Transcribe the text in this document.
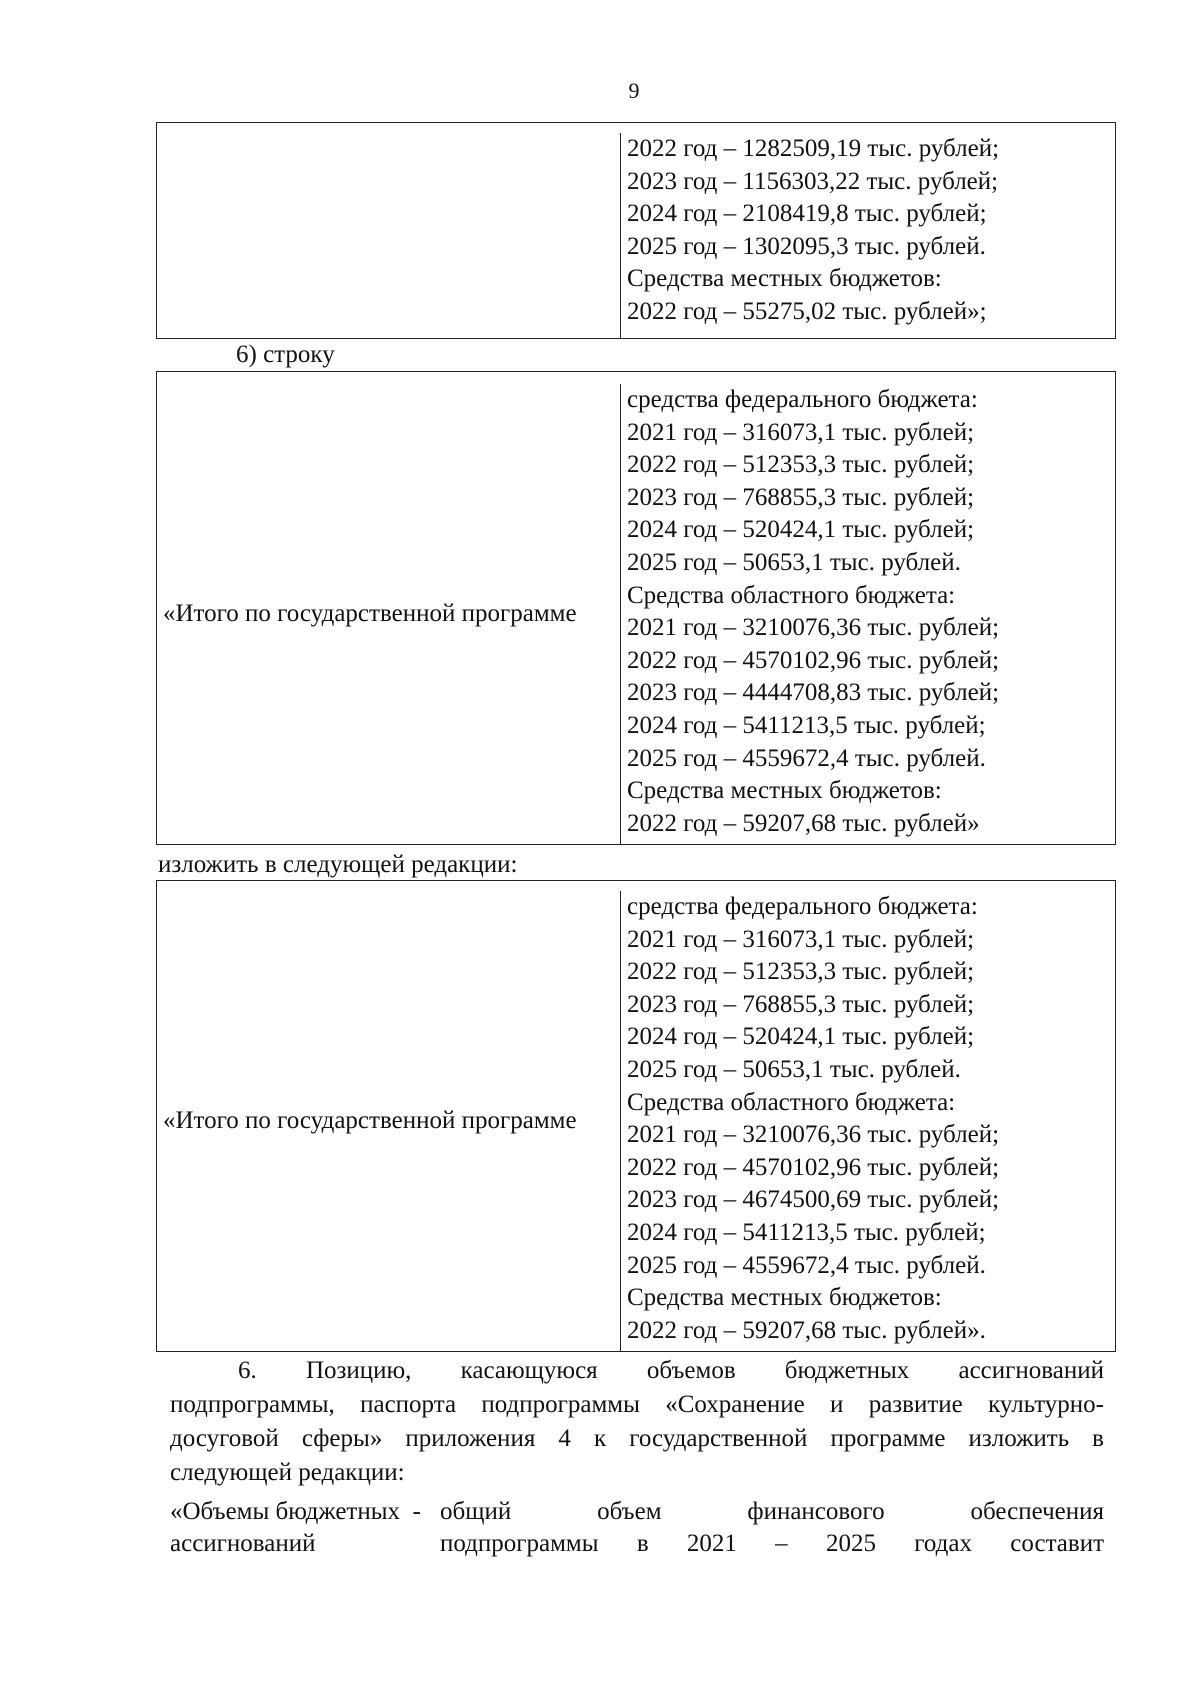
9
2022 год – 1282509,19 тыс. рублей;
2023 год – 1156303,22 тыс. рублей;
2024 год – 2108419,8 тыс. рублей;
2025 год – 1302095,3 тыс. рублей.
Средства местных бюджетов:
2022 год – 55275,02 тыс. рублей»;
6) строку
«Итого по государственной программе
средства федерального бюджета:
2021 год – 316073,1 тыс. рублей;
2022 год – 512353,3 тыс. рублей;
2023 год – 768855,3 тыс. рублей;
2024 год – 520424,1 тыс. рублей;
2025 год – 50653,1 тыс. рублей.
Средства областного бюджета:
2021 год – 3210076,36 тыс. рублей;
2022 год – 4570102,96 тыс. рублей;
2023 год – 4444708,83 тыс. рублей;
2024 год – 5411213,5 тыс. рублей;
2025 год – 4559672,4 тыс. рублей.
Средства местных бюджетов:
2022 год – 59207,68 тыс. рублей»
изложить в следующей редакции:
«Итого по государственной программе
средства федерального бюджета:
2021 год – 316073,1 тыс. рублей;
2022 год – 512353,3 тыс. рублей;
2023 год – 768855,3 тыс. рублей;
2024 год – 520424,1 тыс. рублей;
2025 год – 50653,1 тыс. рублей.
Средства областного бюджета:
2021 год – 3210076,36 тыс. рублей;
2022 год – 4570102,96 тыс. рублей;
2023 год – 4674500,69 тыс. рублей;
2024 год – 5411213,5 тыс. рублей;
2025 год – 4559672,4 тыс. рублей.
Средства местных бюджетов:
2022 год – 59207,68 тыс. рублей».
6.   Позицию,   касающуюся   объемов   бюджетных   ассигнований
подпрограммы, паспорта подпрограммы «Сохранение и развитие культурно-
досуговой сферы» приложения 4 к государственной программе изложить в
следующей редакции:
«Объемы бюджетных  -
ассигнований
общий объем финансового обеспечения
подпрограммы в 2021 – 2025 годах составит
